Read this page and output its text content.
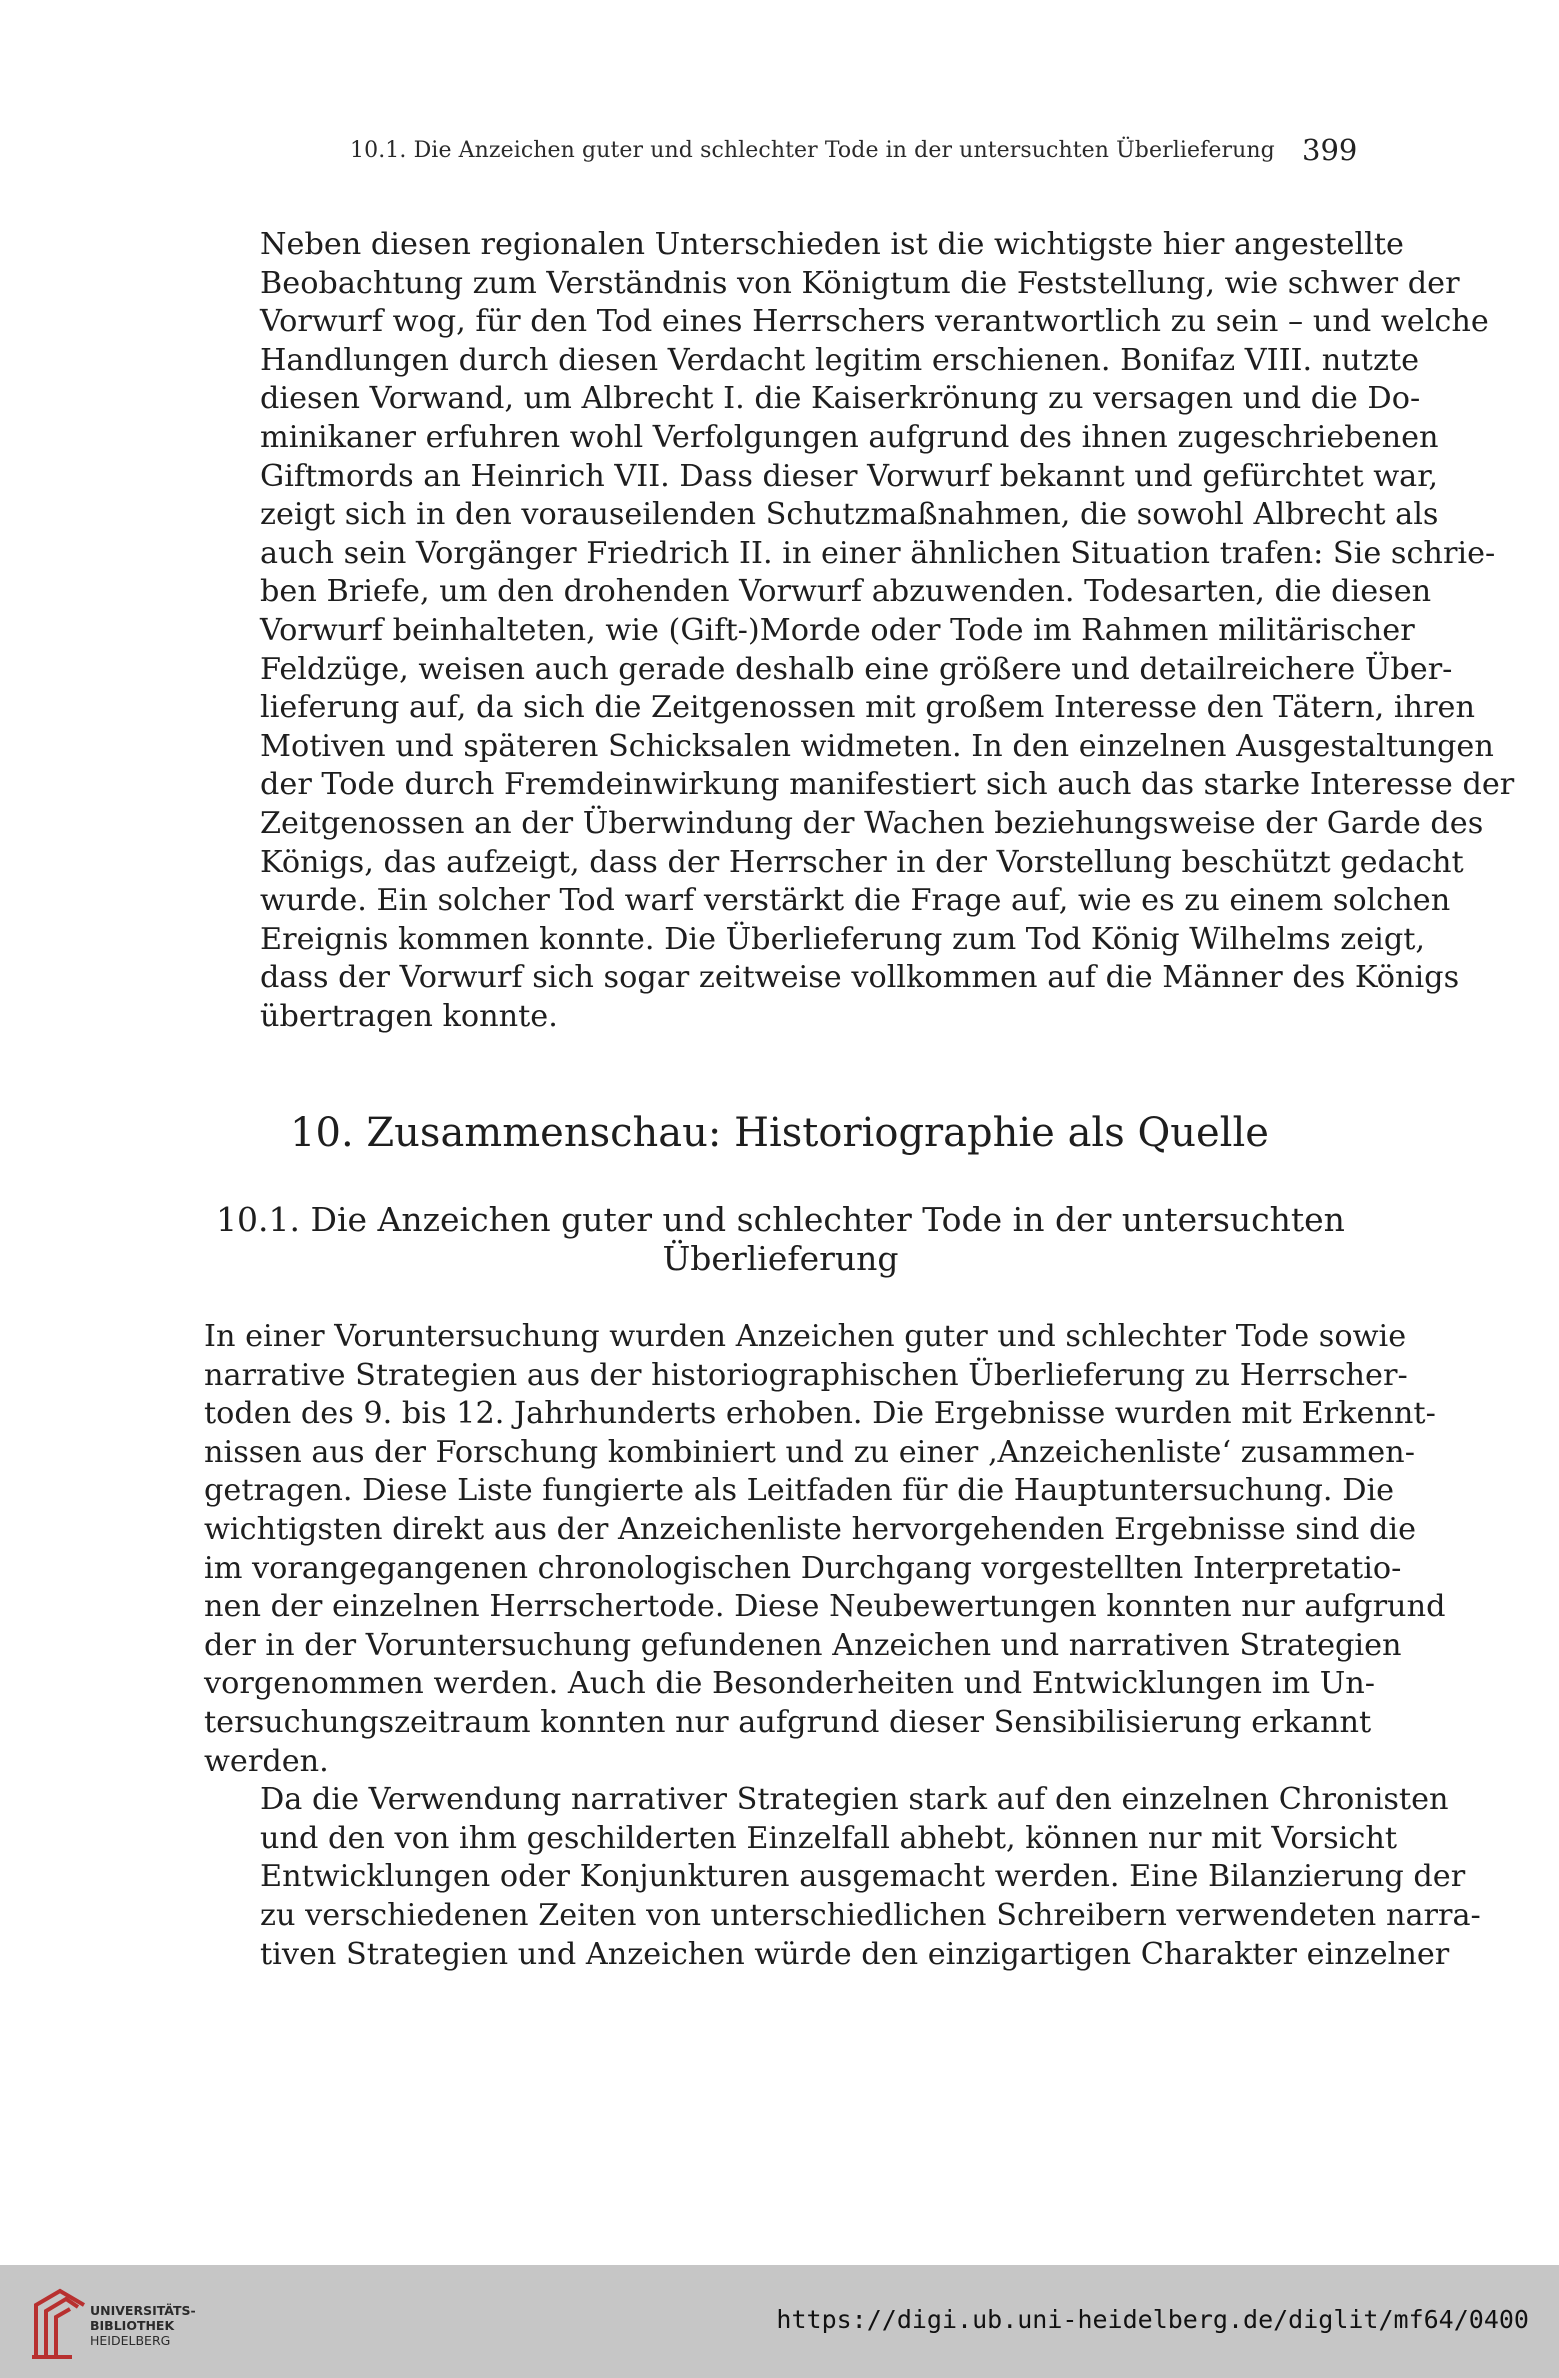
10.1. Die Anzeichen guter und schlechter Tode in der untersuchten Überlieferung 399

Neben diesen regionalen Unterschieden ist die wichtigste hier angestellte
Beobachtung zum Verständnis von Königtum die Feststellung, wie schwer der
Vorwurf wog, für den Tod eines Herrschers verantwortlich zu sein – und welche
Handlungen durch diesen Verdacht legitim erschienen. Bonifaz VIII. nutzte
diesen Vorwand, um Albrecht I. die Kaiserkrönung zu versagen und die Do-
minikaner erfuhren wohl Verfolgungen aufgrund des ihnen zugeschriebenen
Giftmords an Heinrich VII. Dass dieser Vorwurf bekannt und gefürchtet war,
zeigt sich in den vorauseilenden Schutzmaßnahmen, die sowohl Albrecht als
auch sein Vorgänger Friedrich II. in einer ähnlichen Situation trafen: Sie schrie-
ben Briefe, um den drohenden Vorwurf abzuwenden. Todesarten, die diesen
Vorwurf beinhalteten, wie (Gift-)Morde oder Tode im Rahmen militärischer
Feldzüge, weisen auch gerade deshalb eine größere und detailreichere Über-
lieferung auf, da sich die Zeitgenossen mit großem Interesse den Tätern, ihren
Motiven und späteren Schicksalen widmeten. In den einzelnen Ausgestaltungen
der Tode durch Fremdeinwirkung manifestiert sich auch das starke Interesse der
Zeitgenossen an der Überwindung der Wachen beziehungsweise der Garde des
Königs, das aufzeigt, dass der Herrscher in der Vorstellung beschützt gedacht
wurde. Ein solcher Tod warf verstärkt die Frage auf, wie es zu einem solchen
Ereignis kommen konnte. Die Überlieferung zum Tod König Wilhelms zeigt,
dass der Vorwurf sich sogar zeitweise vollkommen auf die Männer des Königs
übertragen konnte.

10. Zusammenschau: Historiographie als Quelle
10.1. Die Anzeichen guter und schlechter Tode in der untersuchten
Überlieferung

In einer Voruntersuchung wurden Anzeichen guter und schlechter Tode sowie
narrative Strategien aus der historiographischen Überlieferung zu Herrscher-
toden des 9. bis 12. Jahrhunderts erhoben. Die Ergebnisse wurden mit Erkennt-
nissen aus der Forschung kombiniert und zu einer ‚Anzeichenliste‘ zusammen-
getragen. Diese Liste fungierte als Leitfaden für die Hauptuntersuchung. Die
wichtigsten direkt aus der Anzeichenliste hervorgehenden Ergebnisse sind die
im vorangegangenen chronologischen Durchgang vorgestellten Interpretatio-
nen der einzelnen Herrschertode. Diese Neubewertungen konnten nur aufgrund
der in der Voruntersuchung gefundenen Anzeichen und narrativen Strategien
vorgenommen werden. Auch die Besonderheiten und Entwicklungen im Un-
tersuchungszeitraum konnten nur aufgrund dieser Sensibilisierung erkannt
werden.

Da die Verwendung narrativer Strategien stark auf den einzelnen Chronisten
und den von ihm geschilderten Einzelfall abhebt, können nur mit Vorsicht
Entwicklungen oder Konjunkturen ausgemacht werden. Eine Bilanzierung der
zu verschiedenen Zeiten von unterschiedlichen Schreibern verwendeten narra-
tiven Strategien und Anzeichen würde den einzigartigen Charakter einzelner

UNIVERSITÄTS-
BIBLIOTHEK
HEIDELBERG
https://digi.ub.uni-heidelberg.de/diglit/mf64/0400
